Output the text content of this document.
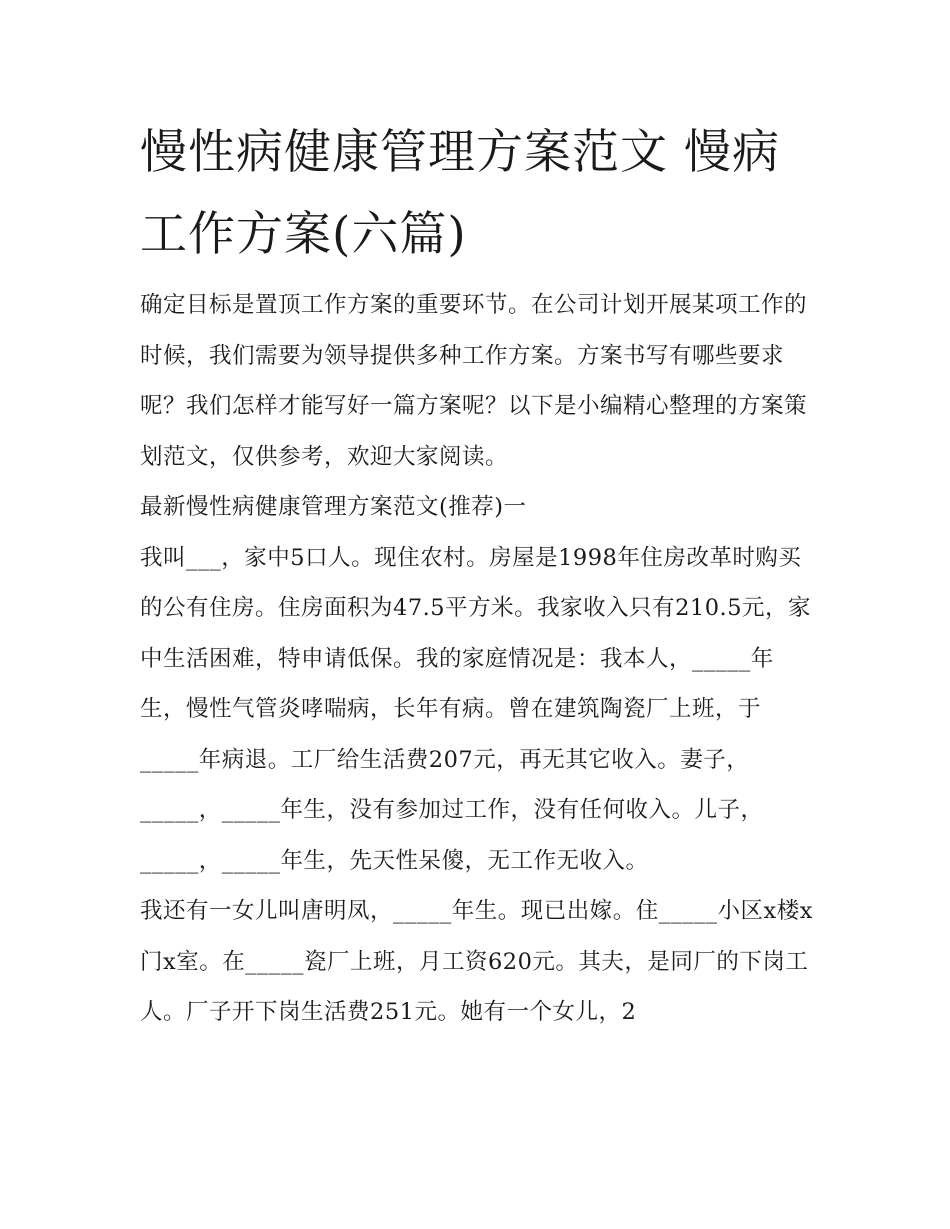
慢性病健康管理方案范文 慢病工作方案(六篇)

确定目标是置顶工作方案的重要环节。在公司计划开展某项工作的时候，我们需要为领导提供多种工作方案。方案书写有哪些要求呢？我们怎样才能写好一篇方案呢？以下是小编精心整理的方案策划范文，仅供参考，欢迎大家阅读。

最新慢性病健康管理方案范文(推荐)一

我叫___，家中5口人。现住农村。房屋是1998年住房改革时购买的公有住房。住房面积为47.5平方米。我家收入只有210.5元，家中生活困难，特申请低保。我的家庭情况是：我本人，_____年生，慢性气管炎哮喘病，长年有病。曾在建筑陶瓷厂上班，于_____年病退。工厂给生活费207元，再无其它收入。妻子，_____，_____年生，没有参加过工作，没有任何收入。儿子，_____，_____年生，先天性呆傻，无工作无收入。

我还有一女儿叫唐明凤，_____年生。现已出嫁。住_____小区x楼x门x室。在_____瓷厂上班，月工资620元。其夫，是同厂的下岗工人。厂子开下岗生活费251元。她有一个女儿，2
